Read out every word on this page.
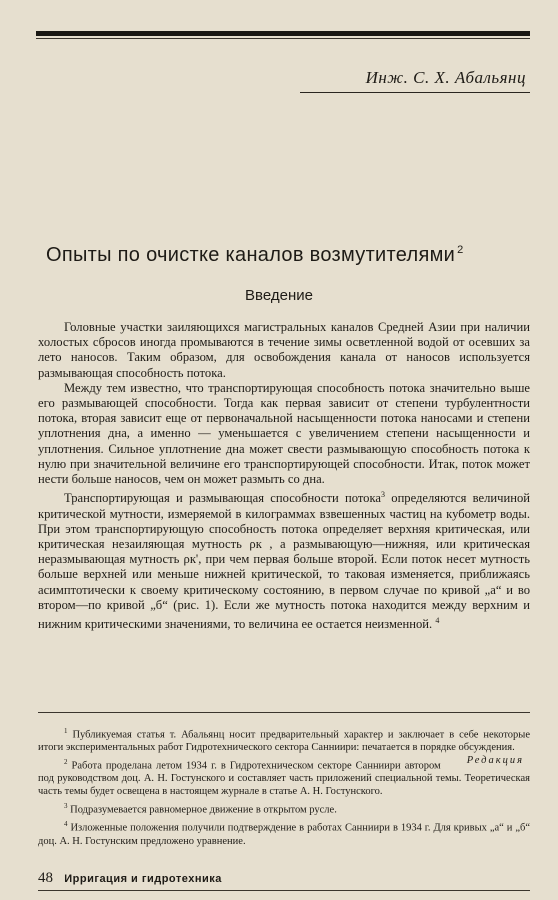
Инж. С. Х. Абальянц
Опыты по очистке каналов возмутителями $^2$
Введение

Головные участки заиляющихся магистральных каналов Средней Азии при наличии холостых сбросов иногда промываются в течение зимы осветленной водой от осевших за лето наносов. Таким образом, для освобождения канала от наносов используется размывающая способность потока.

Между тем известно, что транспортирующая способность потока значительно выше его размывающей способности. Тогда как первая зависит от степени турбулентности потока, вторая зависит еще от первоначальной насыщенности потока наносами и степени уплотнения дна, а именно — уменьшается с увеличением степени насыщенности и уплотнения. Сильное уплотнение дна может свести размывающую способность потока к нулю при значительной величине его транспортирующей способности. Итак, поток может нести больше наносов, чем он может размыть со дна.

Транспортирующая и размывающая способности потока$^3$ определяются величиной критической мутности, измеряемой в килограммах взвешенных частиц на кубометр воды. При этом транспортирующую способность потока определяет верхняя критическая, или критическая незаиляющая мутность ρк , а размывающую—нижняя, или критическая неразмывающая мутность ρк', при чем первая больше второй. Если поток несет мутность больше верхней или меньше нижней критической, то таковая изменяется, приближаясь асимптотически к своему критическому состоянию, в первом случае по кривой „a“ и во втором—по кривой „б“ (рис. 1). Если же мутность потока находится между верхним и нижним критическими значениями, то величина ее остается неизменной. $^4$

$^1$ Публикуемая статья т. Абальянц носит предварительный характер и заключает в себе некоторые итоги экспериментальных работ Гидротехнического сектора Санниири: печатается в порядке обсуждения.
Редакция

$^2$ Работа проделана летом 1934 г. в Гидротехническом секторе Санниири автором под руководством доц. А. Н. Гостунского и составляет часть приложений специальной темы. Теоретическая часть темы будет освещена в настоящем журнале в статье А. Н. Гостунского.

$^3$ Подразумевается равномерное движение в открытом русле.

$^4$ Изложенные положения получили подтверждение в работах Санниири в 1934 г. Для кривых „a“ и „б“ доц. А. Н. Гостунским предложено уравнение.

48 Ирригация и гидротехника
